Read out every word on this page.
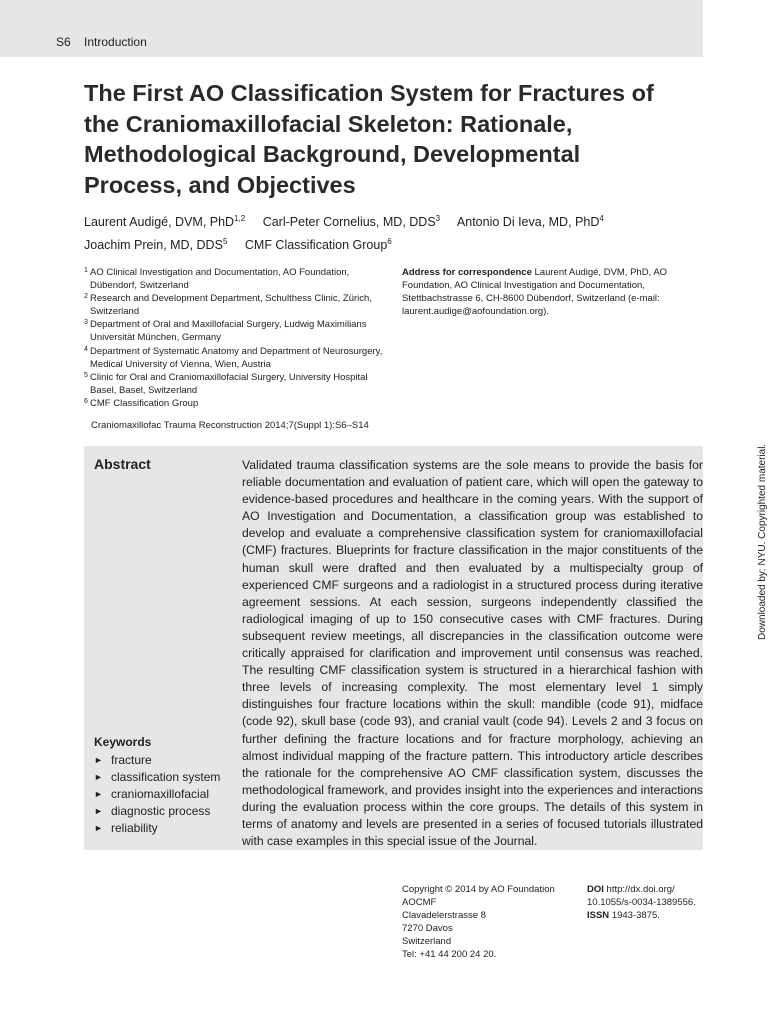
S6 Introduction
The First AO Classification System for Fractures of the Craniomaxillofacial Skeleton: Rationale, Methodological Background, Developmental Process, and Objectives
Laurent Audigé, DVM, PhD$^{1,2}$ Carl-Peter Cornelius, MD, DDS$^3$ Antonio Di Ieva, MD, PhD$^4$
Joachim Prein, MD, DDS$^5$ CMF Classification Group$^6$
1 AO Clinical Investigation and Documentation, AO Foundation, Dübendorf, Switzerland
2 Research and Development Department, Schulthess Clinic, Zürich, Switzerland
3 Department of Oral and Maxillofacial Surgery, Ludwig Maximilians Universität München, Germany
4 Department of Systematic Anatomy and Department of Neurosurgery, Medical University of Vienna, Wien, Austria
5 Clinic for Oral and Craniomaxillofacial Surgery, University Hospital Basel, Basel, Switzerland
6 CMF Classification Group
Address for correspondence Laurent Audigé, DVM, PhD, AO Foundation, AO Clinical Investigation and Documentation, Stettbachstrasse 6, CH-8600 Dübendorf, Switzerland (e-mail: laurent.audige@aofoundation.org).
Craniomaxillofac Trauma Reconstruction 2014;7(Suppl 1):S6–S14
Downloaded by: NYU. Copyrighted material.
Abstract	Validated trauma classification systems are the sole means to provide the basis for reliable documentation and evaluation of patient care, which will open the gateway to evidence-based procedures and healthcare in the coming years. With the support of AO Investigation and Documentation, a classification group was established to develop and evaluate a comprehensive classification system for craniomaxillofacial (CMF) fractures. Blueprints for fracture classification in the major constituents of the human skull were drafted and then evaluated by a multispecialty group of experienced CMF surgeons and a radiologist in a structured process during iterative agreement sessions. At each session, surgeons independently classified the radiological imaging of up to 150 consecutive cases with CMF fractures. During subsequent review meetings, all discrepancies in the classification outcome were critically appraised for clarification and improvement until consensus was reached. The resulting CMF classification system is structured in a hierarchical fashion with three levels of increasing complexity. The most elementary level 1 simply distinguishes four fracture locations within the skull: mandible (code 91), midface (code 92), skull base (code 93), and cranial vault (code 94). Levels 2 and 3 focus on further defining the fracture locations and for fracture morphology, achieving an almost individual mapping of the fracture pattern. This introductory article describes the rationale for the comprehensive AO CMF classification system, discusses the methodological framework, and provides insight into the experiences and interactions during the evaluation process within the core groups. The details of this system in terms of anatomy and levels are presented in a series of focused tutorials illustrated with case examples in this special issue of the Journal.
Keywords
► fracture
► classification system
► craniomaxillofacial
► diagnostic process
► reliability
Copyright © 2014 by AO Foundation
AOCMF
Clavadelerstrasse 8
7270 Davos
Switzerland
Tel: +41 44 200 24 20.
DOI http://dx.doi.org/ 10.1055/s-0034-1389556.
ISSN 1943-3875.
